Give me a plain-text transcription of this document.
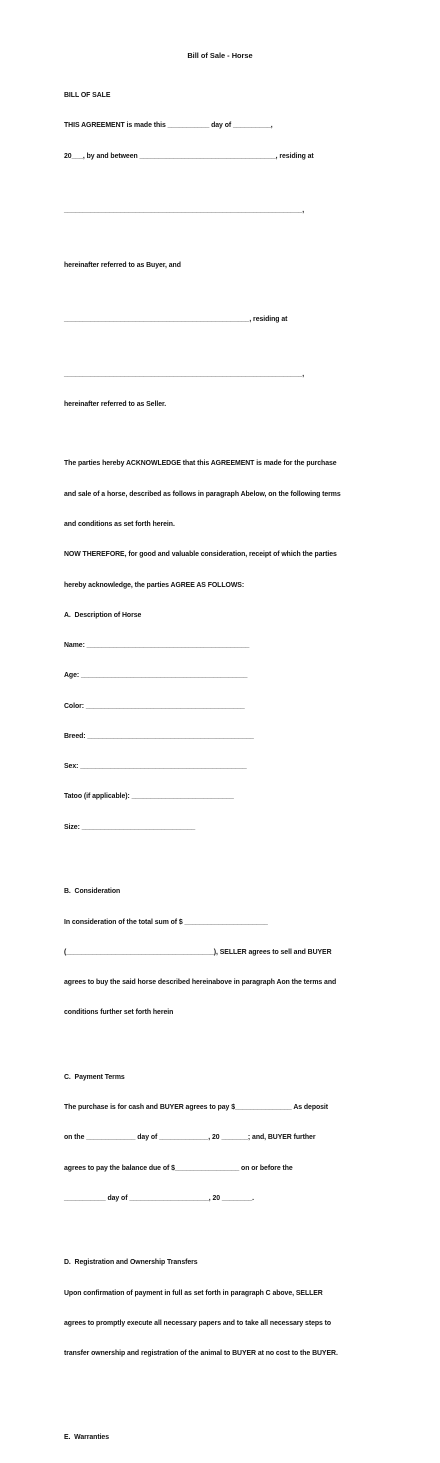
Bill of Sale - Horse

BILL OF SALE

THIS AGREEMENT is made this ___________ day of __________,

20___, by and between ____________________________________, residing at

_______________________________________________________________,

hereinafter referred to as Buyer, and

_________________________________________________, residing at

_______________________________________________________________,

hereinafter referred to as Seller.

The parties hereby ACKNOWLEDGE that this AGREEMENT is made for the purchase

and sale of a horse, described as follows in paragraph Abelow, on the following terms

and conditions as set forth herein.

NOW THEREFORE, for good and valuable consideration, receipt of which the parties

hereby acknowledge, the parties AGREE AS FOLLOWS:

A.  Description of Horse

Name: ___________________________________________

Age: ____________________________________________

Color: __________________________________________

Breed: ____________________________________________

Sex: ____________________________________________

Tatoo (if applicable): ___________________________

Size: ______________________________

B.  Consideration

In consideration of the total sum of $ ______________________

(_______________________________________), SELLER agrees to sell and BUYER

agrees to buy the said horse described hereinabove in paragraph Aon the terms and

conditions further set forth herein

C.  Payment Terms

The purchase is for cash and BUYER agrees to pay $_______________ As deposit

on the _____________ day of _____________, 20 _______; and, BUYER further

agrees to pay the balance due of $_________________ on or before the

___________ day of _____________________, 20 ________.

D.  Registration and Ownership Transfers

Upon confirmation of payment in full as set forth in paragraph C above, SELLER

agrees to promptly execute all necessary papers and to take all necessary steps to

transfer ownership and registration of the animal to BUYER at no cost to the BUYER.

E.  Warranties
